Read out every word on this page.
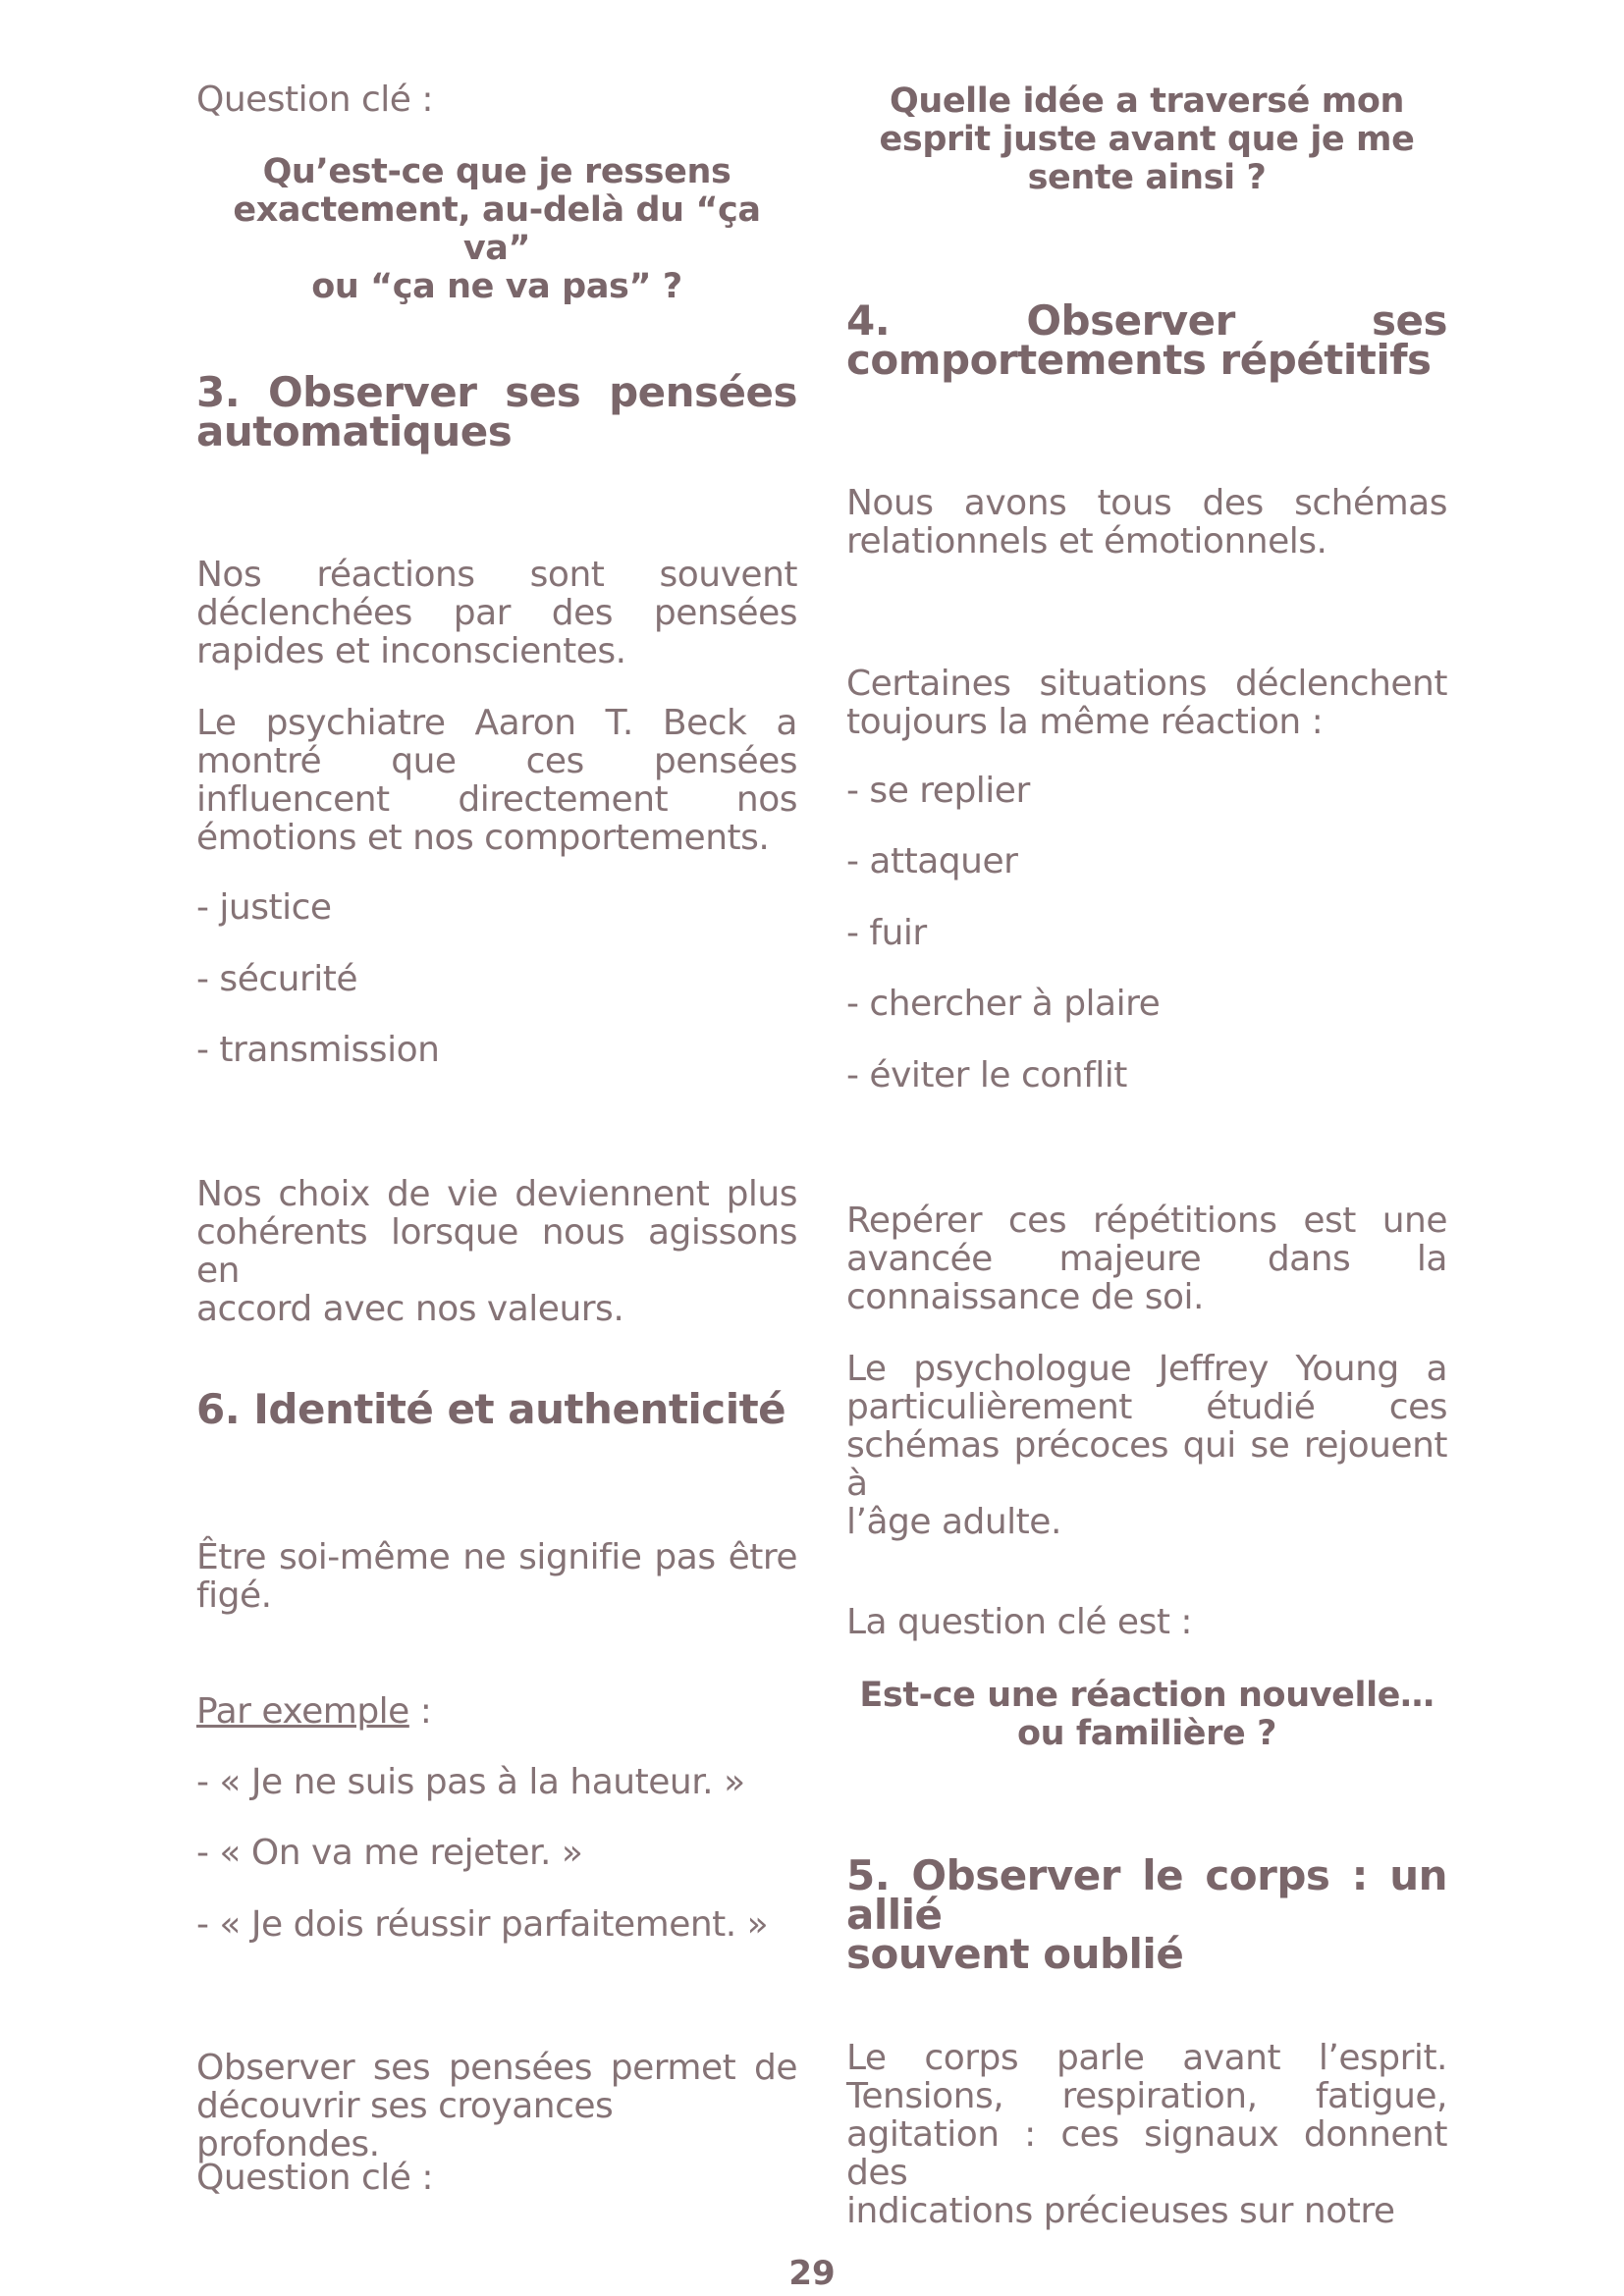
Question clé :

Qu’est-ce que je ressens
exactement, au-delà du “ça va”
ou “ça ne va pas” ?
3. Observer ses pensées
automatiques
Nos réactions sont souvent
déclenchées par des pensées
rapides et inconscientes.
Le psychiatre Aaron T. Beck a
montré que ces pensées
influencent directement nos
émotions et nos comportements.
- justice
- sécurité
- transmission
Nos choix de vie deviennent plus
cohérents lorsque nous agissons en
accord avec nos valeurs.
6. Identité et authenticité
Être soi-même ne signifie pas être
figé.
Par exemple :
- « Je ne suis pas à la hauteur. »
- « On va me rejeter. »
- « Je dois réussir parfaitement. »
Observer ses pensées permet de
découvrir ses croyances profondes.

Question clé :

Quelle idée a traversé mon
esprit juste avant que je me
sente ainsi ?
4. Observer ses
comportements répétitifs
Nous avons tous des schémas
relationnels et émotionnels.
Certaines situations déclenchent
toujours la même réaction :
- se replier
- attaquer
- fuir
- chercher à plaire
- éviter le conflit
Repérer ces répétitions est une
avancée majeure dans la
connaissance de soi.
Le psychologue Jeffrey Young a
particulièrement étudié ces
schémas précoces qui se rejouent à
l’âge adulte.

La question clé est :

Est-ce une réaction nouvelle…
ou familière ?
5. Observer le corps : un allié
souvent oublié
Le corps parle avant l’esprit.
Tensions, respiration, fatigue,
agitation : ces signaux donnent des
indications précieuses sur notre
29
